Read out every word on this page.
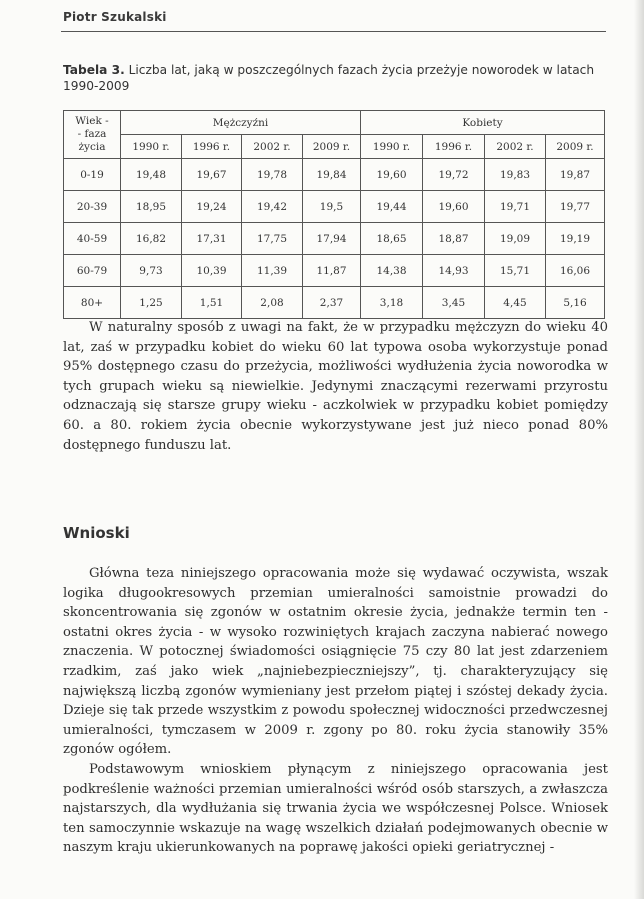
Piotr Szukalski
Tabela 3. Liczba lat, jaką w poszczególnych fazach życia przeżyje noworodek w latach 1990-2009
Wiek -
- faza
życia	Mężczyźni				Kobiety			
	1990 r.	1996 r.	2002 r.	2009 r.	1990 r.	1996 r.	2002 r.	2009 r.
0-19	19,48	19,67	19,78	19,84	19,60	19,72	19,83	19,87
20-39	18,95	19,24	19,42	19,5	19,44	19,60	19,71	19,77
40-59	16,82	17,31	17,75	17,94	18,65	18,87	19,09	19,19
60-79	9,73	10,39	11,39	11,87	14,38	14,93	15,71	16,06
80+	1,25	1,51	2,08	2,37	3,18	3,45	4,45	5,16

W naturalny sposób z uwagi na fakt, że w przypadku mężczyzn do wieku 40 lat, zaś w przypadku kobiet do wieku 60 lat typowa osoba wykorzystuje ponad 95% dostępnego czasu do przeżycia, możliwości wydłużenia życia noworodka w tych grupach wieku są niewielkie. Jedynymi znaczącymi rezerwami przyrostu odznaczają się starsze grupy wieku - aczkolwiek w przypadku kobiet pomiędzy 60. a 80. rokiem życia obecnie wykorzystywane jest już nieco ponad 80% dostępnego funduszu lat.

Wnioski

Główna teza niniejszego opracowania może się wydawać oczywista, wszak logika długookresowych przemian umieralności samoistnie prowadzi do skoncentrowania się zgonów w ostatnim okresie życia, jednakże termin ten - ostatni okres życia - w wysoko rozwiniętych krajach zaczyna nabierać nowego znaczenia. W potocznej świadomości osiągnięcie 75 czy 80 lat jest zdarzeniem rzadkim, zaś jako wiek „najniebezpieczniejszy”, tj. charakteryzujący się największą liczbą zgonów wymieniany jest przełom piątej i szóstej dekady życia. Dzieje się tak przede wszystkim z powodu społecznej widoczności przedwczesnej umieralności, tymczasem w 2009 r. zgony po 80. roku życia stanowiły 35% zgonów ogółem.

Podstawowym wnioskiem płynącym z niniejszego opracowania jest podkreślenie ważności przemian umieralności wśród osób starszych, a zwłaszcza najstarszych, dla wydłużania się trwania życia we współczesnej Polsce. Wniosek ten samoczynnie wskazuje na wagę wszelkich działań podejmowanych obecnie w naszym kraju ukierunkowanych na poprawę jakości opieki geriatrycznej -
